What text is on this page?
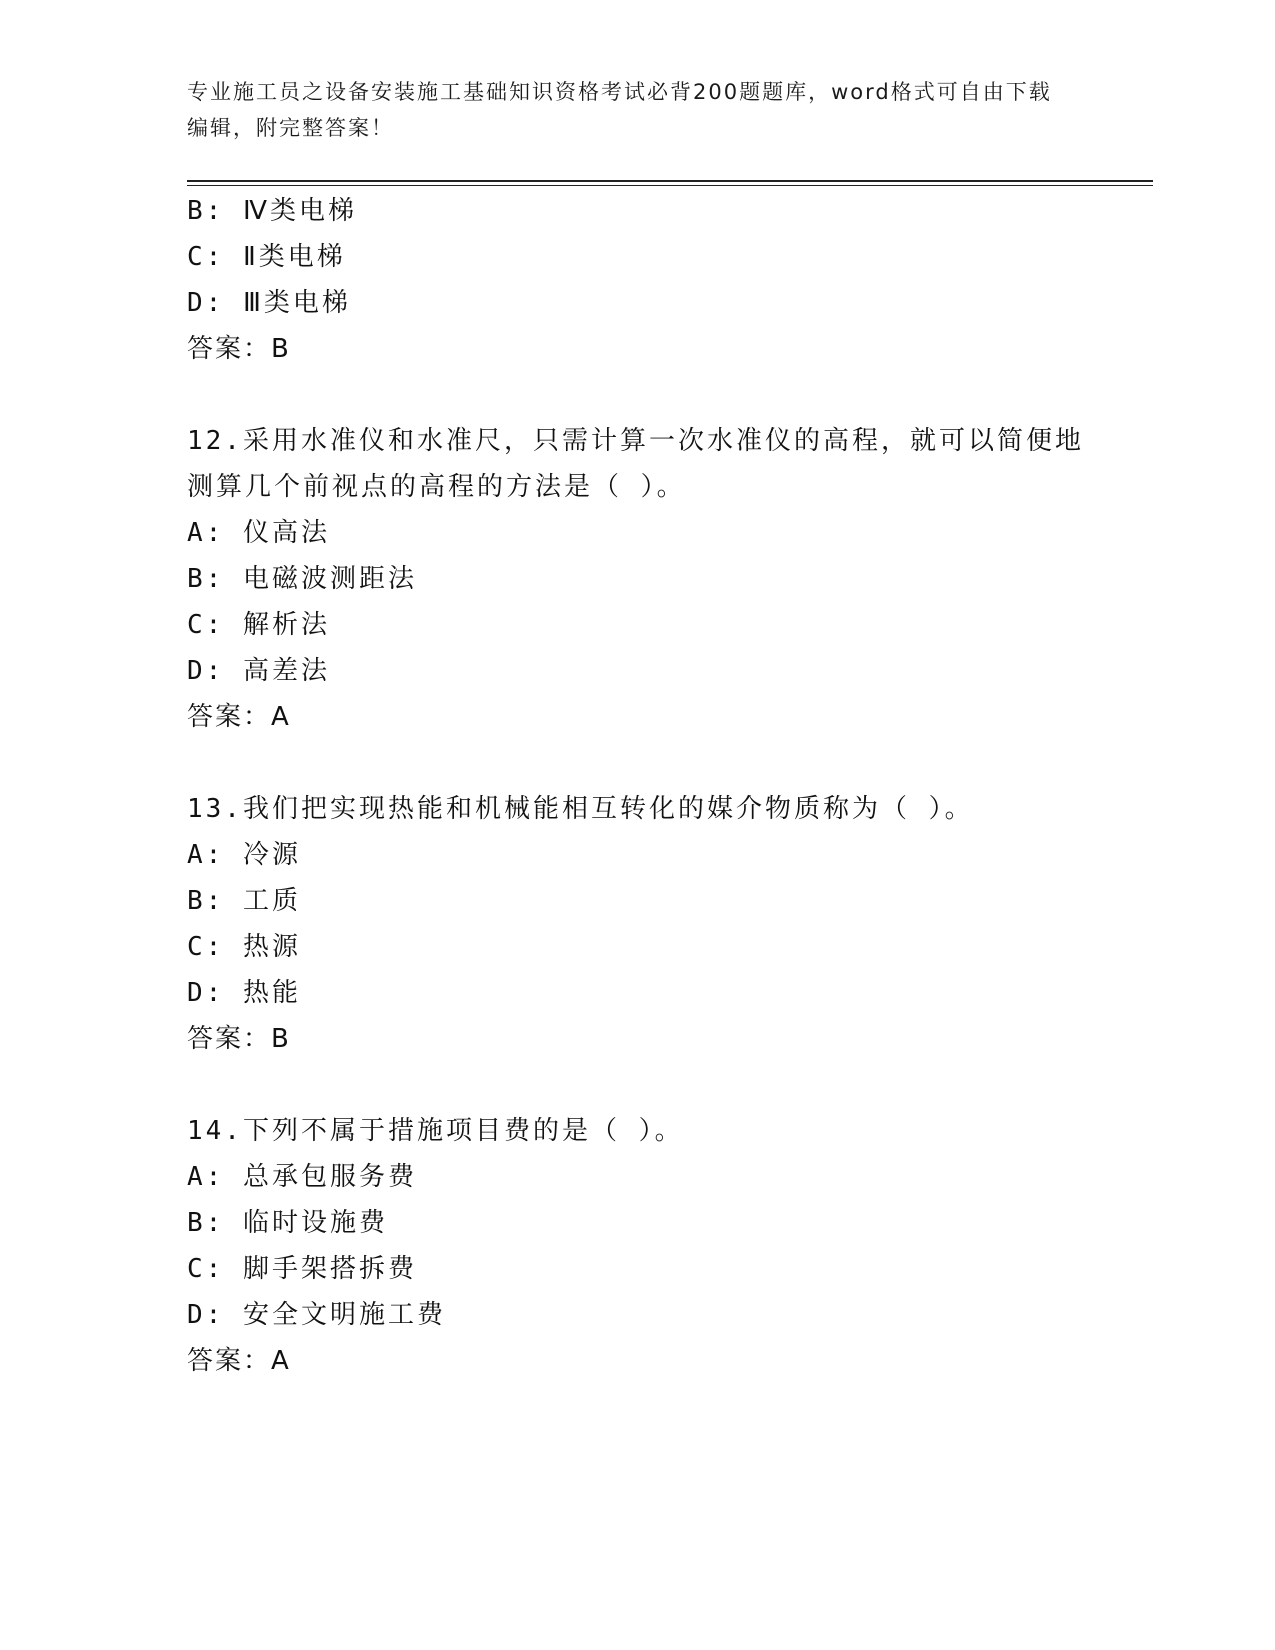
专业施工员之设备安装施工基础知识资格考试必背200题题库，word格式可自由下载编辑，附完整答案！
B: Ⅳ类电梯
C: Ⅱ类电梯
D: Ⅲ类电梯
答案：B
12.采用水准仪和水准尺，只需计算一次水准仪的高程，就可以简便地测算几个前视点的高程的方法是（ ）。
A: 仪高法
B: 电磁波测距法
C: 解析法
D: 高差法
答案：A
13.我们把实现热能和机械能相互转化的媒介物质称为（ ）。
A: 冷源
B: 工质
C: 热源
D: 热能
答案：B
14.下列不属于措施项目费的是（ ）。
A: 总承包服务费
B: 临时设施费
C: 脚手架搭拆费
D: 安全文明施工费
答案：A
